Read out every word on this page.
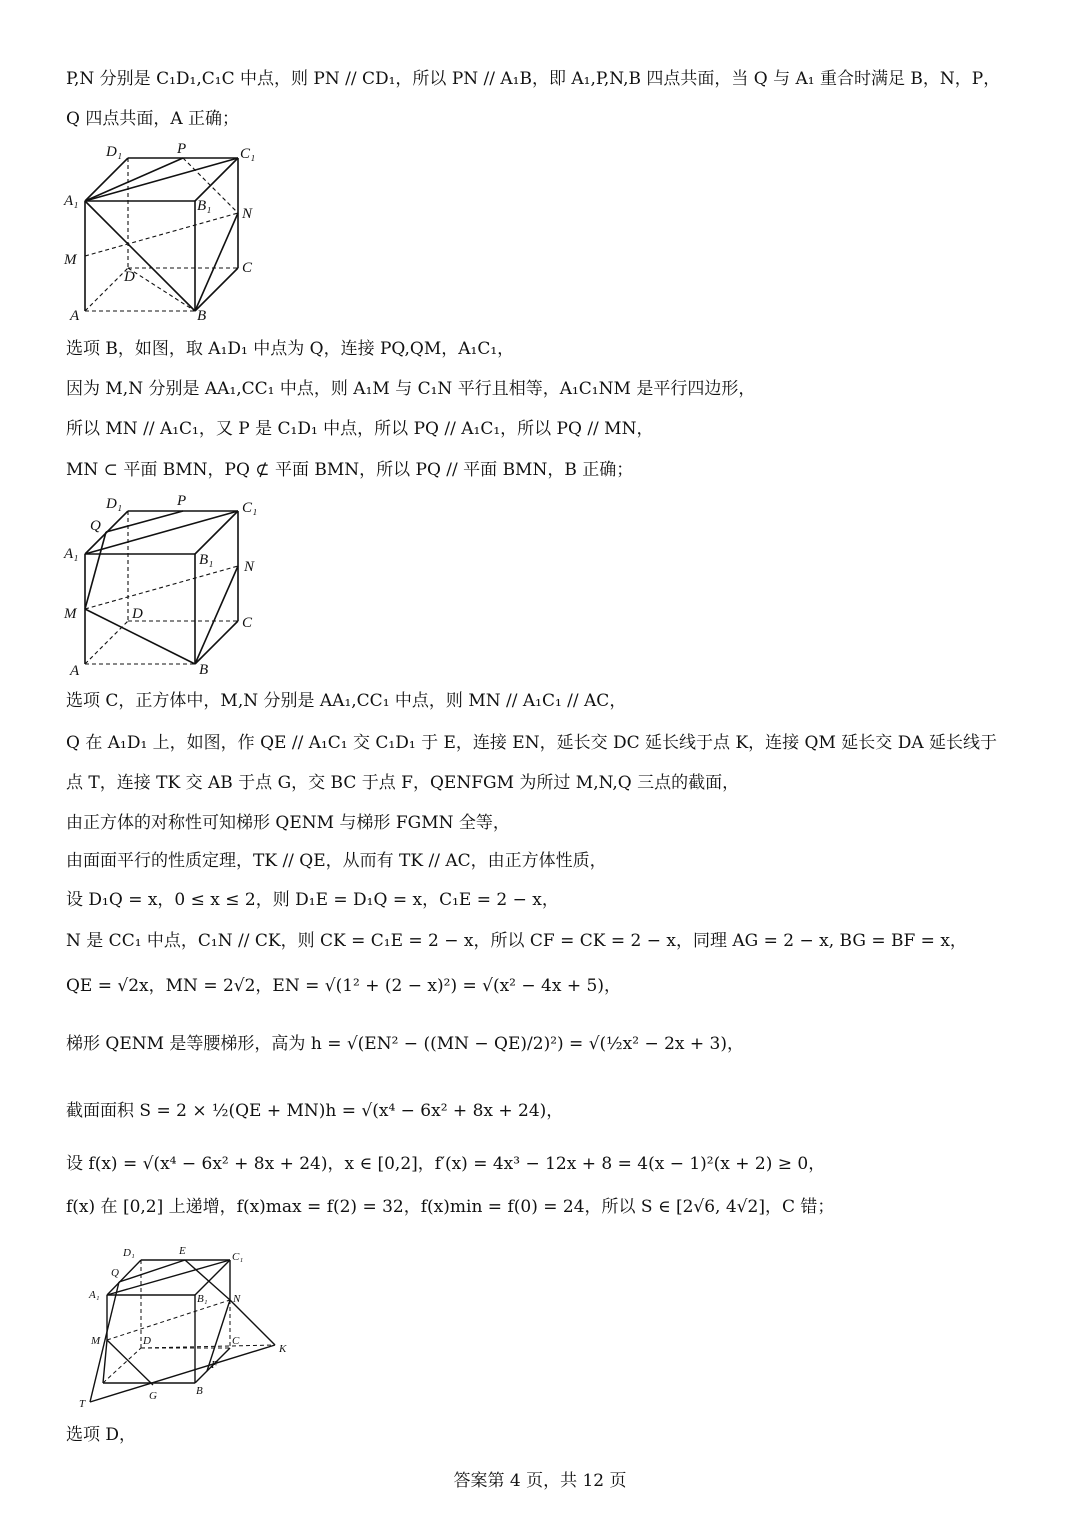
P,N 分别是 C₁D₁,C₁C 中点，则 PN // CD₁，所以 PN // A₁B，即 A₁,P,N,B 四点共面，当 Q 与 A₁ 重合时满足 B，N，P，
Q 四点共面，A 正确；
D₁	P	C₁
A₁	B₁ N
M
D
C
A	B
选项 B，如图，取 A₁D₁ 中点为 Q，连接 PQ,QM，A₁C₁，
因为 M,N 分别是 AA₁,CC₁ 中点，则 A₁M 与 C₁N 平行且相等，A₁C₁NM 是平行四边形，
所以 MN // A₁C₁，又 P 是 C₁D₁ 中点，所以 PQ // A₁C₁，所以 PQ // MN，
MN ⊂ 平面 BMN，PQ ⊄ 平面 BMN，所以 PQ // 平面 BMN，B 正确；
D₁	P	C₁
Q
A₁	B₁ N
M	D
C
A	B
选项 C，正方体中，M,N 分别是 AA₁,CC₁ 中点，则 MN // A₁C₁ // AC，
Q 在 A₁D₁ 上，如图，作 QE // A₁C₁ 交 C₁D₁ 于 E，连接 EN，延长交 DC 延长线于点 K，连接 QM 延长交 DA 延长线于
点 T，连接 TK 交 AB 于点 G，交 BC 于点 F，QENFGM 为所过 M,N,Q 三点的截面，
由正方体的对称性可知梯形 QENM 与梯形 FGMN 全等，
由面面平行的性质定理，TK // QE，从而有 TK // AC，由正方体性质，
设 D₁Q = x，0 ≤ x ≤ 2，则 D₁E = D₁Q = x，C₁E = 2 − x，
N 是 CC₁ 中点，C₁N // CK，则 CK = C₁E = 2 − x，所以 CF = CK = 2 − x，同理 AG = 2 − x, BG = BF = x，
QE = √2x，MN = 2√2，EN = √(1² + (2 − x)²) = √(x² − 4x + 5)，
梯形 QENM 是等腰梯形，高为 h = √(EN² − ((MN − QE)/2)²) = √(½x² − 2x + 3)，
截面面积 S = 2 × ½(QE + MN)h = √(x⁴ − 6x² + 8x + 24)，
设 f(x) = √(x⁴ − 6x² + 8x + 24)，x ∈ [0,2]，f′(x) = 4x³ − 12x + 8 = 4(x − 1)²(x + 2) ≥ 0，
f(x) 在 [0,2] 上递增，f(x)max = f(2) = 32，f(x)min = f(0) = 24，所以 S ∈ [2√6, 4√2]，C 错；
D₁	E	C₁
Q
A₁	B₁ N
M	D	C
K
F
G	B
T
选项 D，
答案第 4 页，共 12 页
